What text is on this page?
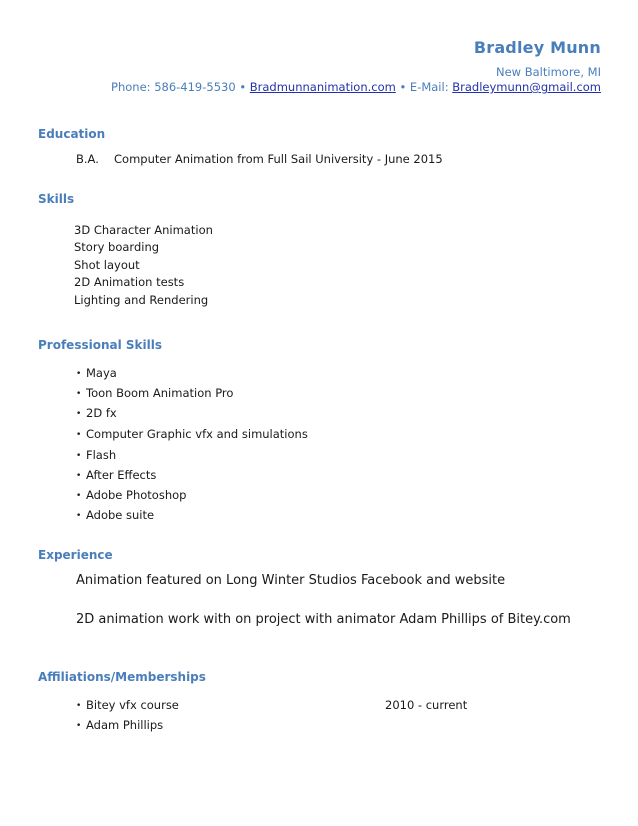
Bradley Munn
New Baltimore, MI
Phone: 586-419-5530 • Bradmunnanimation.com • E-Mail: Bradleymunn@gmail.com
Education
B.A. Computer Animation from Full Sail University - June 2015
Skills
3D Character Animation
Story boarding
Shot layout
2D Animation tests
Lighting and Rendering
Professional Skills
• Maya
• Toon Boom Animation Pro
• 2D fx
• Computer Graphic vfx and simulations
• Flash
• After Effects
• Adobe Photoshop
• Adobe suite
Experience
Animation featured on Long Winter Studios Facebook and website
2D animation work with on project with animator Adam Phillips of Bitey.com
Affiliations/Memberships
• Bitey vfx course	2010 - current
• Adam Phillips
